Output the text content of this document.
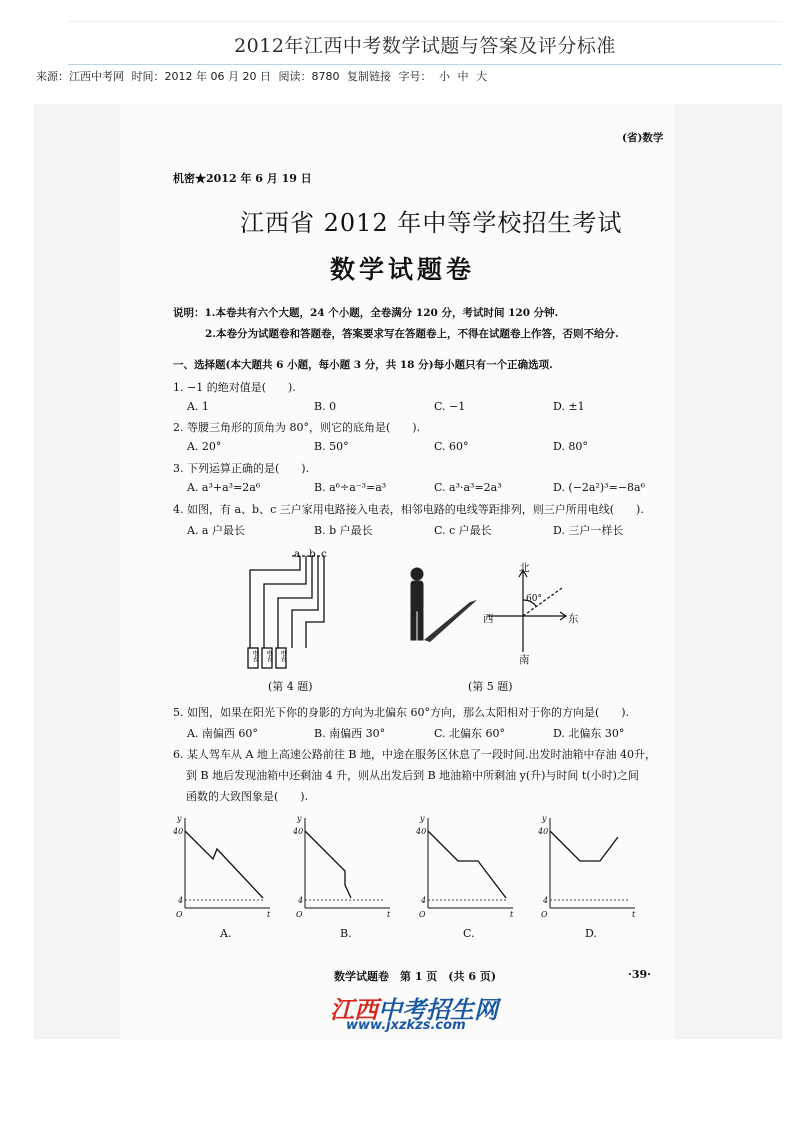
2012年江西中考数学试题与答案及评分标准
来源：江西中考网 时间：2012 年 06 月 20 日 阅读：8780 复制链接 字号： 小 中 大
(省)数学
机密★2012 年 6 月 19 日
江西省 2012 年中等学校招生考试
数学试题卷
说明：1.本卷共有六个大题，24 个小题，全卷满分 120 分，考试时间 120 分钟.
2.本卷分为试题卷和答题卷，答案要求写在答题卷上，不得在试题卷上作答，否则不给分.
一、选择题(本大题共 6 小题，每小题 3 分，共 18 分)每小题只有一个正确选项.
1. −1 的绝对值是(　　).
A. 1	B. 0	C. −1	D. ±1
2. 等腰三角形的顶角为 80°，则它的底角是(　　).
A. 20°	B. 50°	C. 60°	D. 80°
3. 下列运算正确的是(　　).
A. a³+a³=2a⁶	B. a⁶÷a⁻³=a³	C. a³·a³=2a³	D. (−2a²)³=−8a⁶
4. 如图，有 a、b、c 三户家用电路接入电表，相邻电路的电线等距排列，则三户所用电线(　　).
A. a 户最长	B. b 户最长	C. c 户最长	D. 三户一样长
a b c
电表 电表 电表
(第 4 题)
北
南
东
西
60°
(第 5 题)
5. 如图，如果在阳光下你的身影的方向为北偏东 60°方向，那么太阳相对于你的方向是(　　).
A. 南偏西 60°	B. 南偏西 30°	C. 北偏东 60°	D. 北偏东 30°
6. 某人驾车从 A 地上高速公路前往 B 地，中途在服务区休息了一段时间.出发时油箱中存油 40升，
到 B 地后发现油箱中还剩油 4 升，则从出发后到 B 地油箱中所剩油 y(升)与时间 t(小时)之间
函数的大致图象是(　　).
y
t
O
40
4
A.
y
t
O
40
4
B.
y
t
O
40
4
C.
y
t
O
40
4
D.
数学试题卷　第 1 页　(共 6 页)	·39·
江西中考招生网
www.jxzkzs.com
